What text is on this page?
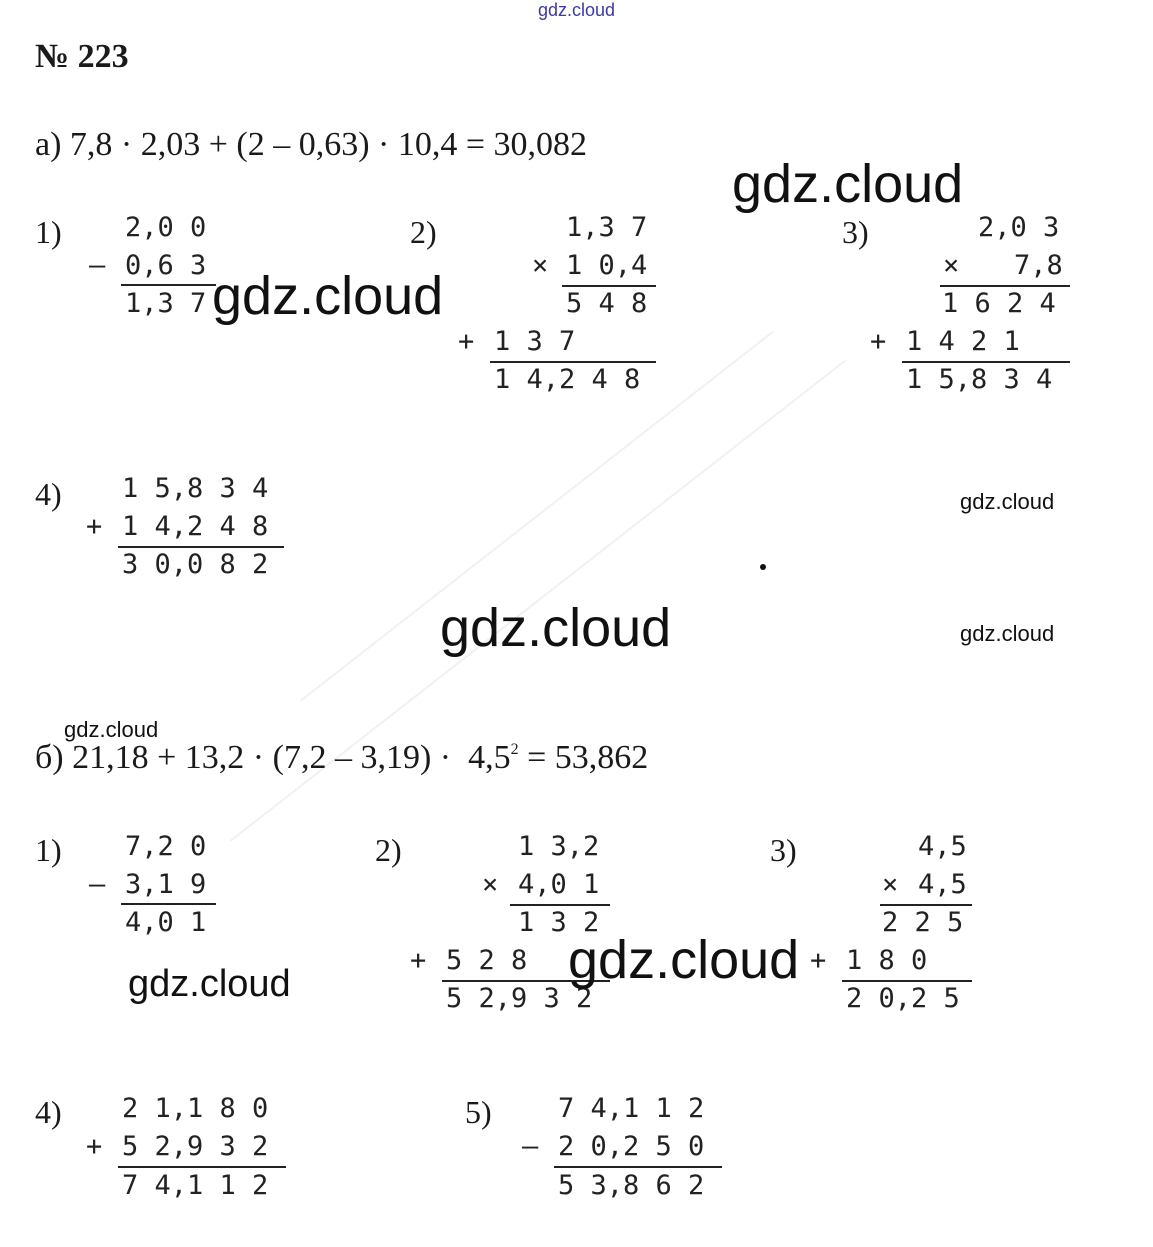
gdz.cloud
№ 223
а) 7,8 · 2,03 + (2 – 0,63) · 10,4 = 30,082
1)
–
2,0 0
0,6 3
1,3 7
2)	1,3 7
× 1 0,4
5 4 8
+ 1 3 7
1 4,2 4 8
3)	2,0 3
× 7,8
1 6 2 4
+ 1 4 2 1
1 5,8 3 4
4) 1 5,8 3 4
+ 1 4,2 4 8
3 0,0 8 2
б) $21,18 + 13,2 \cdot (7,2 - 3,19) \cdot 4,5^2 = 53,862$
1) 7,2 0
– 3,1 9
4,0 1
2)	1 3,2
× 4,0 1
1 3 2
+ 5 2 8
5 2,9 3 2
3)	4,5
× 4,5
2 2 5
+ 1 8 0
2 0,2 5
4) 2 1,1 8 0
+ 5 2,9 3 2
7 4,1 1 2
5) 7 4,1 1 2
– 2 0,2 5 0
5 3,8 6 2
gdz.cloud
gdz.cloud
gdz.cloud
gdz.cloud	gdz.cloud
gdz.cloud
gdz.cloud	gdz.cloud
